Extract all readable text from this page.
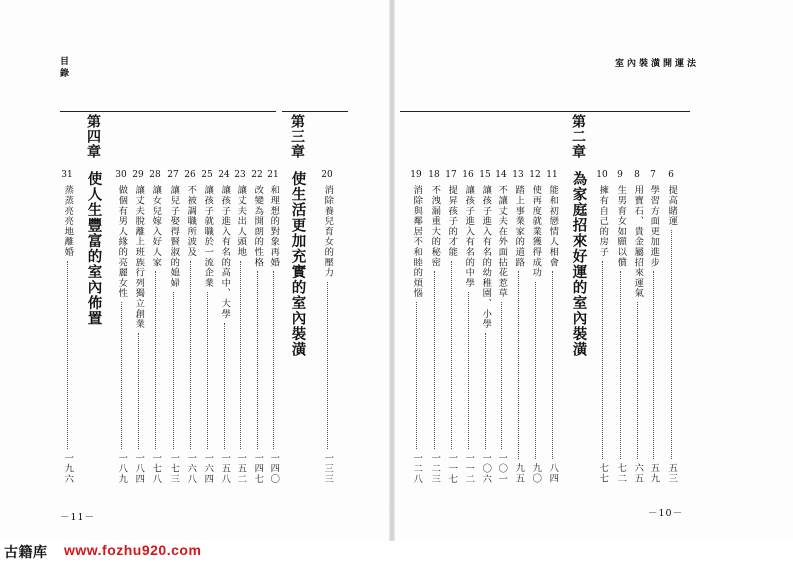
目錄
－11－
第三章
使生活更加充實的室內裝潢 20
消除養兒育女的壓力
一三三
21
和理想的對象再婚
一四〇
22
改變為開朗的性格
一四七
23
讓丈夫出人頭地
一五二
24
讓孩子進入有名的高中、大學
一五八
25
讓孩子就職於一流企業
一六四
26
不被調職所波及
一六八
27
讓兒子娶得賢淑的媳婦
一七三
28
讓女兒嫁入好人家
一七八
29
讓丈夫脫離上班族行列獨立創業
一八四
30
做個有男人緣的亮麗女性
一八九
31
蒸蒸亮亮地離婚
一九六
第四章
使人生豐富的室內佈置
室內裝潢開運法
－10－
第二章
為家庭招來好運的室內裝潢	6
提高賭運
五三
7
學習方面更加進步
五九
8
用寶石、貴金屬招來運氣
六五
9
生男育女如願以償
七二
10
擁有自己的房子
七七
11
能和初戀情人相會
八四
12
使再度就業獲得成功
九〇
13
踏上事業家的道路
九五
14
不讓丈夫在外面拈花惹草
一〇一
15
讓孩子進入有名的幼稚園、小學
一〇六
16
讓孩子進入有名的中學
一一二
17
提昇孩子的才能
一一七
18
不洩漏重大的秘密
一二三
19
消除與鄰居不和睦的煩惱
一二八
古籍库 www.fozhu920.com
